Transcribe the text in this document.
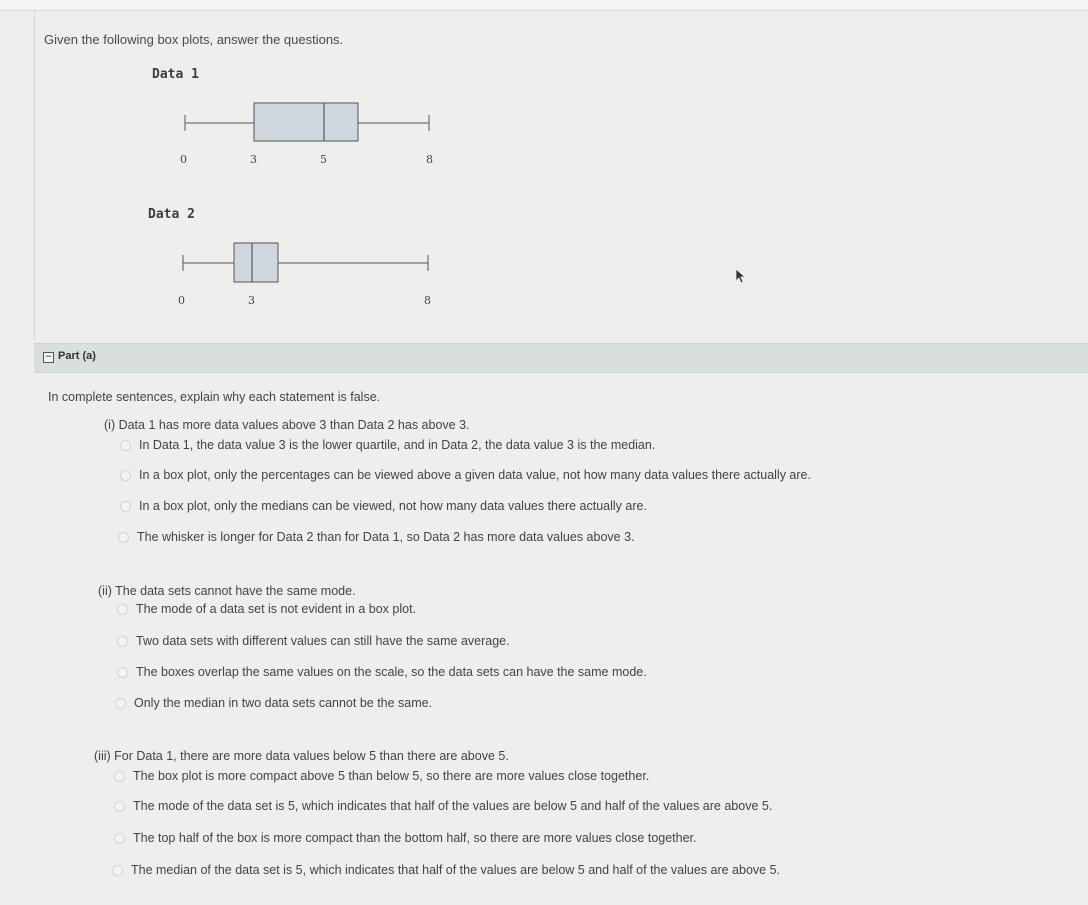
Given the following box plots, answer the questions.
Data 1
0	3	5	8
Data 2
0	3	8
− Part (a)
In complete sentences, explain why each statement is false.
(i) Data 1 has more data values above 3 than Data 2 has above 3.
In Data 1, the data value 3 is the lower quartile, and in Data 2, the data value 3 is the median.
In a box plot, only the percentages can be viewed above a given data value, not how many data values there actually are.
In a box plot, only the medians can be viewed, not how many data values there actually are.
The whisker is longer for Data 2 than for Data 1, so Data 2 has more data values above 3.
(ii) The data sets cannot have the same mode.
The mode of a data set is not evident in a box plot.
Two data sets with different values can still have the same average.
The boxes overlap the same values on the scale, so the data sets can have the same mode.
Only the median in two data sets cannot be the same.
(iii) For Data 1, there are more data values below 5 than there are above 5.
The box plot is more compact above 5 than below 5, so there are more values close together.
The mode of the data set is 5, which indicates that half of the values are below 5 and half of the values are above 5.
The top half of the box is more compact than the bottom half, so there are more values close together.
The median of the data set is 5, which indicates that half of the values are below 5 and half of the values are above 5.
